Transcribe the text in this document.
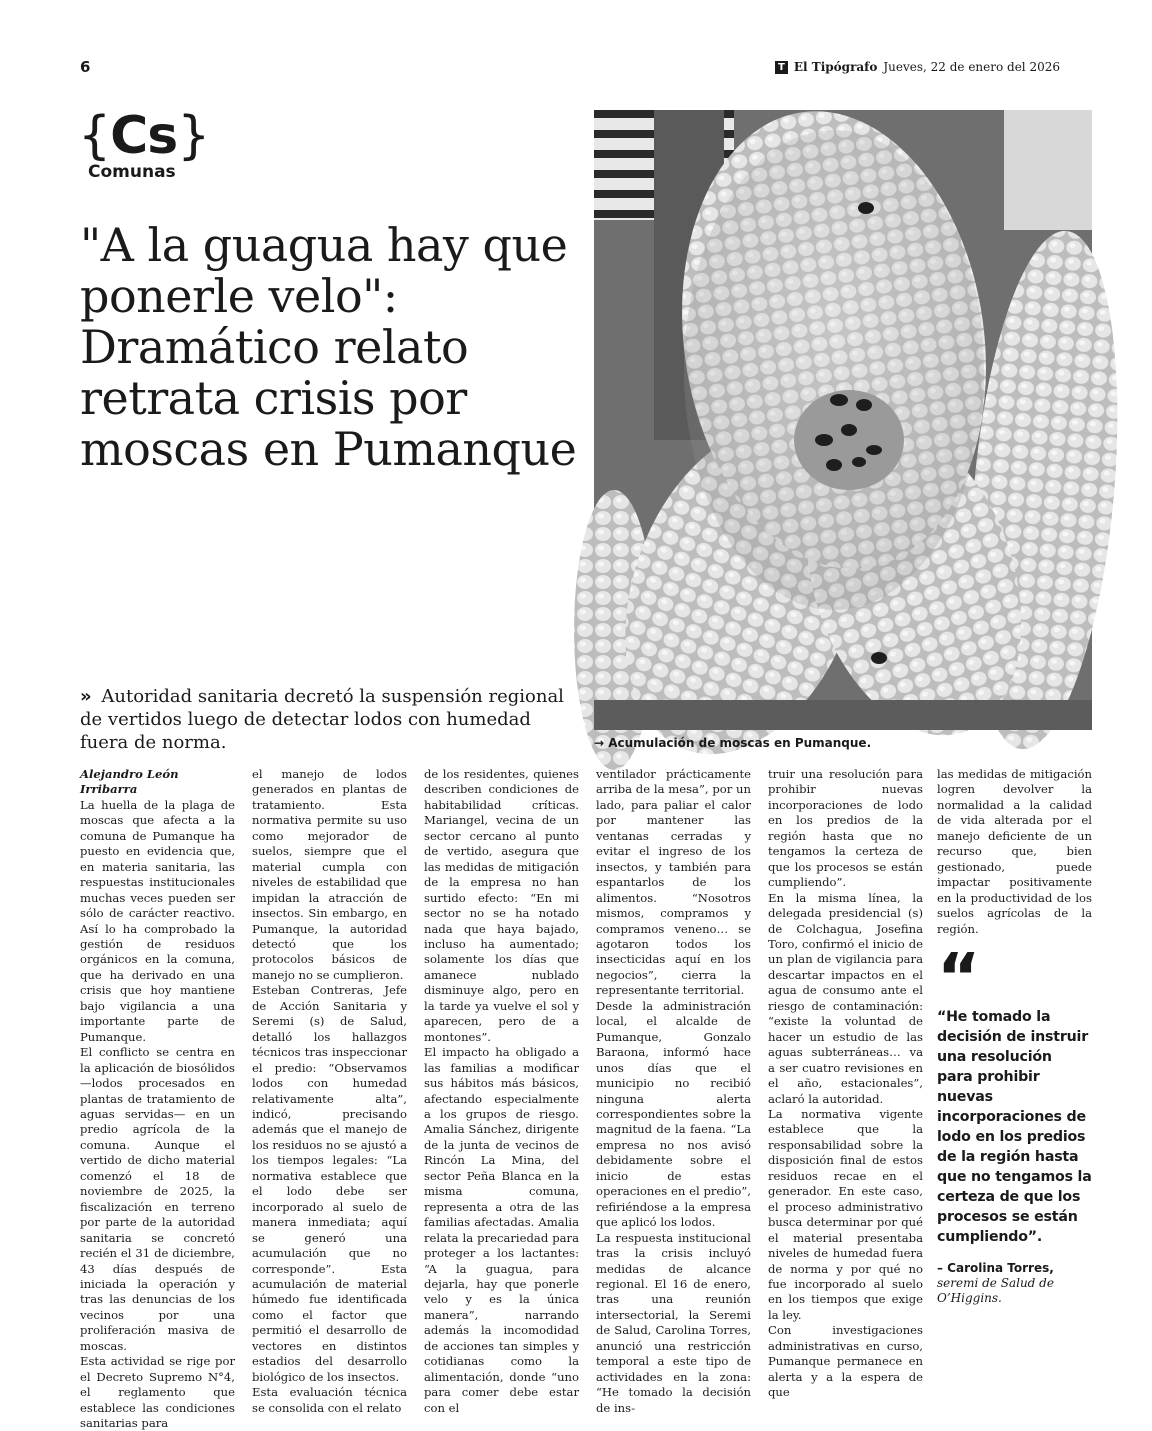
6	T El Tipógrafo Jueves, 22 de enero del 2026
{Cs}
Comunas
"A la guagua hay que ponerle velo": Dramático relato retrata crisis por moscas en Pumanque
→ Acumulación de moscas en Pumanque.
» Autoridad sanitaria decretó la suspensión regional de vertidos luego de detectar lodos con humedad fuera de norma.

Alejandro León Irribarra

La huella de la plaga de moscas que afecta a la comuna de Pumanque ha puesto en evidencia que, en materia sanitaria, las respuestas institucionales muchas veces pueden ser sólo de carácter reactivo. Así lo ha comprobado la gestión de residuos orgánicos en la comuna, que ha derivado en una crisis que hoy mantiene bajo vigilancia a una importante parte de Pumanque.

El conflicto se centra en la aplicación de biosólidos —lodos procesados en plantas de tratamiento de aguas servidas— en un predio agrícola de la comuna. Aunque el vertido de dicho material comenzó el 18 de noviembre de 2025, la fiscalización en terreno por parte de la autoridad sanitaria se concretó recién el 31 de diciembre, 43 días después de iniciada la operación y tras las denuncias de los vecinos por una proliferación masiva de moscas.

Esta actividad se rige por el Decreto Supremo N°4, el reglamento que establece las condiciones sanitarias para

el manejo de lodos generados en plantas de tratamiento. Esta normativa permite su uso como mejorador de suelos, siempre que el material cumpla con niveles de estabilidad que impidan la atracción de insectos. Sin embargo, en Pumanque, la autoridad detectó que los protocolos básicos de manejo no se cumplieron.

Esteban Contreras, Jefe de Acción Sanitaria y Seremi (s) de Salud, detalló los hallazgos técnicos tras inspeccionar el predio: “Observamos lodos con humedad relativamente alta”, indicó, precisando además que el manejo de los residuos no se ajustó a los tiempos legales: “La normativa establece que el lodo debe ser incorporado al suelo de manera inmediata; aquí se generó una acumulación que no corresponde”. Esta acumulación de material húmedo fue identificada como el factor que permitió el desarrollo de vectores en distintos estadios del desarrollo biológico de los insectos.

Esta evaluación técnica se consolida con el relato

de los residentes, quienes describen condiciones de habitabilidad críticas. Mariangel, vecina de un sector cercano al punto de vertido, asegura que las medidas de mitigación de la empresa no han surtido efecto: “En mi sector no se ha notado nada que haya bajado, incluso ha aumentado; solamente los días que amanece nublado disminuye algo, pero en la tarde ya vuelve el sol y aparecen, pero de a montones”.

El impacto ha obligado a las familias a modificar sus hábitos más básicos, afectando especialmente a los grupos de riesgo. Amalia Sánchez, dirigente de la junta de vecinos de Rincón La Mina, del sector Peña Blanca en la misma comuna, representa a otra de las familias afectadas. Amalia relata la precariedad para proteger a los lactantes: “A la guagua, para dejarla, hay que ponerle velo y es la única manera”, narrando además la incomodidad de acciones tan simples y cotidianas como la alimentación, donde “uno para comer debe estar con el

ventilador prácticamente arriba de la mesa”, por un lado, para paliar el calor por mantener las ventanas cerradas y evitar el ingreso de los insectos, y también para espantarlos de los alimentos. “Nosotros mismos, compramos y compramos veneno… se agotaron todos los insecticidas aquí en los negocios”, cierra la representante territorial.

Desde la administración local, el alcalde de Pumanque, Gonzalo Baraona, informó hace unos días que el municipio no recibió ninguna alerta correspondientes sobre la magnitud de la faena. “La empresa no nos avisó debidamente sobre el inicio de estas operaciones en el predio”, refiriéndose a la empresa que aplicó los lodos.

La respuesta institucional tras la crisis incluyó medidas de alcance regional. El 16 de enero, tras una reunión intersectorial, la Seremi de Salud, Carolina Torres, anunció una restricción temporal a este tipo de actividades en la zona: “He tomado la decisión de ins-

truir una resolución para prohibir nuevas incorporaciones de lodo en los predios de la región hasta que no tengamos la certeza de que los procesos se están cumpliendo”.

En la misma línea, la delegada presidencial (s) de Colchagua, Josefina Toro, confirmó el inicio de un plan de vigilancia para descartar impactos en el agua de consumo ante el riesgo de contaminación: “existe la voluntad de hacer un estudio de las aguas subterráneas… va a ser cuatro revisiones en el año, estacionales”, aclaró la autoridad.

La normativa vigente establece que la responsabilidad sobre la disposición final de estos residuos recae en el generador. En este caso, el proceso administrativo busca determinar por qué el material presentaba niveles de humedad fuera de norma y por qué no fue incorporado al suelo en los tiempos que exige la ley.

Con investigaciones administrativas en curso, Pumanque permanece en alerta y a la espera de que

las medidas de mitigación logren devolver la normalidad a la calidad de vida alterada por el manejo deficiente de un recurso que, bien gestionado, puede impactar positivamente en la productividad de los suelos agrícolas de la región.

“

“He tomado la decisión de instruir una resolución para prohibir nuevas incorporaciones de lodo en los predios de la región hasta que no tengamos la certeza de que los procesos se están cumpliendo”.

– Carolina Torres, seremi de Salud de O’Higgins.
